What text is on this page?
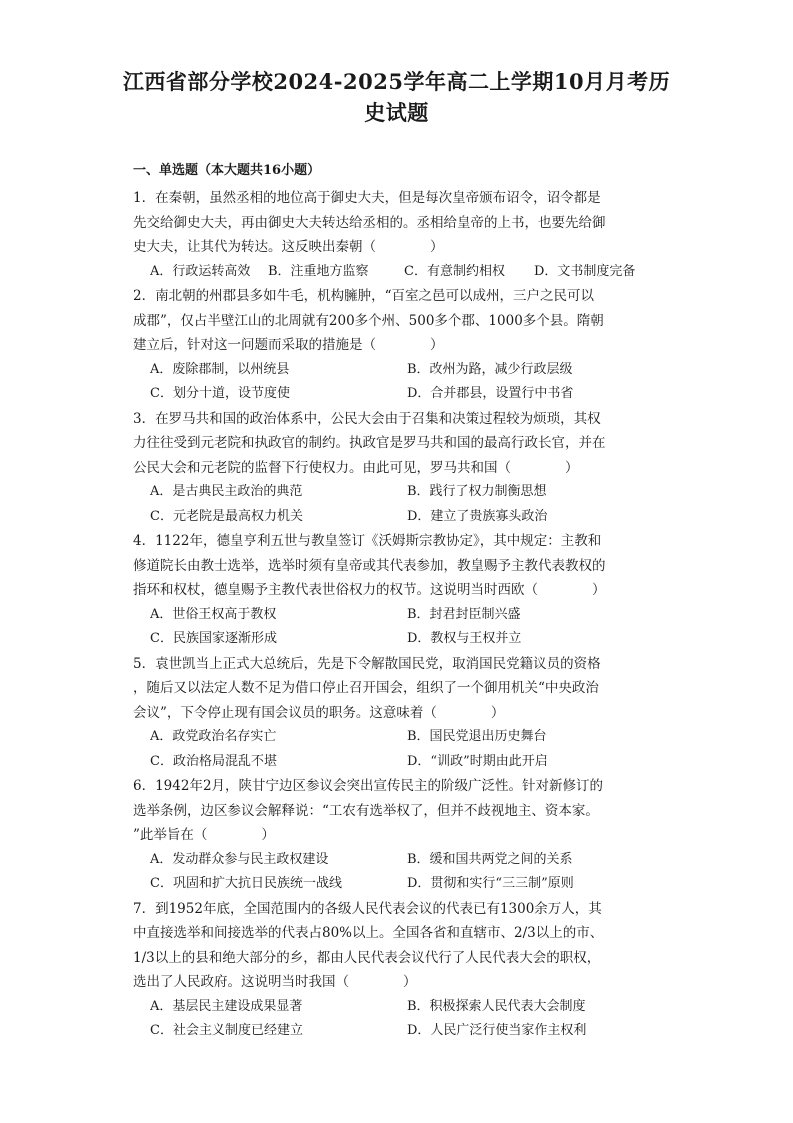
江西省部分学校2024-2025学年高二上学期10月月考历
史试题
一、单选题（本大题共16小题）
1．在秦朝，虽然丞相的地位高于御史大夫，但是每次皇帝颁布诏令，诏令都是
先交给御史大夫，再由御史大夫转达给丞相的。丞相给皇帝的上书，也要先给御
史大夫，让其代为转达。这反映出秦朝（　　　　）
A．行政运转高效	B．注重地方监察	C．有意制约相权	D．文书制度完备
2．南北朝的州郡县多如牛毛，机构臃肿，“百室之邑可以成州，三户之民可以
成郡”，仅占半壁江山的北周就有200多个州、500多个郡、1000多个县。隋朝
建立后，针对这一问题而采取的措施是（　　　　）
A．废除郡制，以州统县	B．改州为路，减少行政层级
C．划分十道，设节度使	D．合并郡县，设置行中书省
3．在罗马共和国的政治体系中，公民大会由于召集和决策过程较为烦琐，其权
力往往受到元老院和执政官的制约。执政官是罗马共和国的最高行政长官，并在
公民大会和元老院的监督下行使权力。由此可见，罗马共和国（　　　　）
A．是古典民主政治的典范	B．践行了权力制衡思想
C．元老院是最高权力机关	D．建立了贵族寡头政治
4．1122年，德皇亨利五世与教皇签订《沃姆斯宗教协定》，其中规定：主教和
修道院长由教士选举，选举时须有皇帝或其代表参加，教皇赐予主教代表教权的
指环和权杖，德皇赐予主教代表世俗权力的权节。这说明当时西欧（　　　　）
A．世俗王权高于教权	B．封君封臣制兴盛
C．民族国家逐渐形成	D．教权与王权并立
5．袁世凯当上正式大总统后，先是下令解散国民党，取消国民党籍议员的资格
，随后又以法定人数不足为借口停止召开国会，组织了一个御用机关“中央政治
会议”，下令停止现有国会议员的职务。这意味着（　　　　）
A．政党政治名存实亡	B．国民党退出历史舞台
C．政治格局混乱不堪	D．“训政”时期由此开启
6．1942年2月，陕甘宁边区参议会突出宣传民主的阶级广泛性。针对新修订的
选举条例，边区参议会解释说：“工农有选举权了，但并不歧视地主、资本家。
”此举旨在（　　　　）
A．发动群众参与民主政权建设	B．缓和国共两党之间的关系
C．巩固和扩大抗日民族统一战线	D．贯彻和实行“三三制”原则
7．到1952年底，全国范围内的各级人民代表会议的代表已有1300余万人，其
中直接选举和间接选举的代表占80%以上。全国各省和直辖市、2/3以上的市、
1/3以上的县和绝大部分的乡，都由人民代表会议代行了人民代表大会的职权，
选出了人民政府。这说明当时我国（　　　　）
A．基层民主建设成果显著	B．积极探索人民代表大会制度
C．社会主义制度已经建立	D．人民广泛行使当家作主权利
